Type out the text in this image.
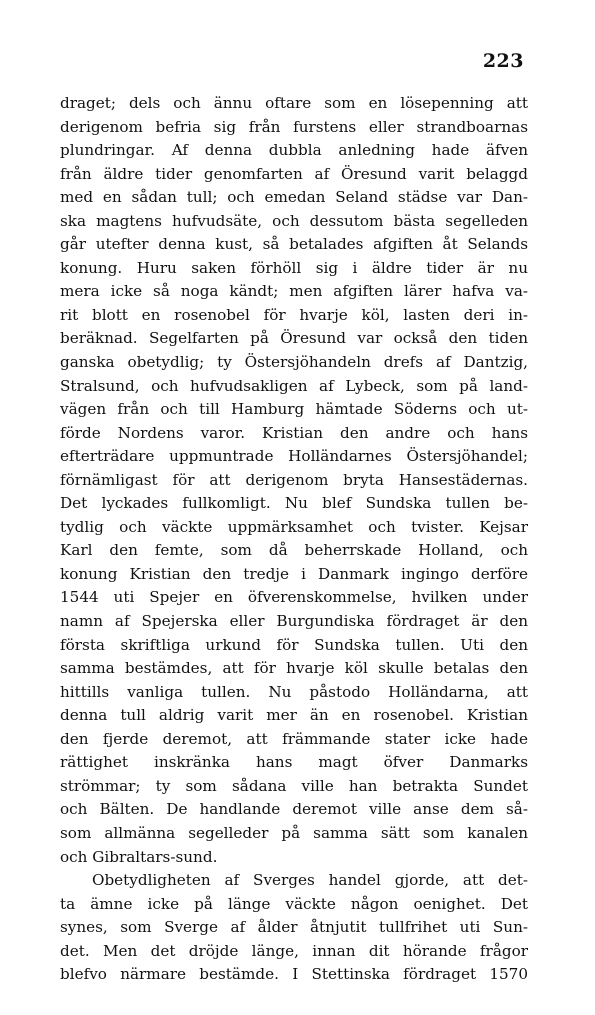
223
draget; dels och ännu oftare som en lösepenning att
derigenom befria sig från furstens eller strandboarnas
plundringar. Af denna dubbla anledning hade äfven
från äldre tider genomfarten af Öresund varit belaggd
med en sådan tull; och emedan Seland städse var Dan-
ska magtens hufvudsäte, och dessutom bästa segelleden
går utefter denna kust, så betalades afgiften åt Selands
konung. Huru saken förhöll sig i äldre tider är nu
mera icke så noga kändt; men afgiften lärer hafva va-
rit blott en rosenobel för hvarje köl, lasten deri in-
beräknad. Segelfarten på Öresund var också den tiden
ganska obetydlig; ty Östersjöhandeln drefs af Dantzig,
Stralsund, och hufvudsakligen af Lybeck, som på land-
vägen från och till Hamburg hämtade Söderns och ut-
förde Nordens varor. Kristian den andre och hans
efterträdare uppmuntrade Holländarnes Östersjöhandel;
förnämligast för att derigenom bryta Hansestädernas.
Det lyckades fullkomligt. Nu blef Sundska tullen be-
tydlig och väckte uppmärksamhet och tvister. Kejsar
Karl den femte, som då beherrskade Holland, och
konung Kristian den tredje i Danmark ingingo derföre
1544 uti Spejer en öfverenskommelse, hvilken under
namn af Spejerska eller Burgundiska fördraget är den
första skriftliga urkund för Sundska tullen. Uti den
samma bestämdes, att för hvarje köl skulle betalas den
hittills vanliga tullen. Nu påstodo Holländarna, att
denna tull aldrig varit mer än en rosenobel. Kristian
den fjerde deremot, att främmande stater icke hade
rättighet inskränka hans magt öfver Danmarks
strömmar; ty som sådana ville han betrakta Sundet
och Bälten. De handlande deremot ville anse dem så-
som allmänna segelleder på samma sätt som kanalen
och Gibraltars-sund.
Obetydligheten af Sverges handel gjorde, att det-
ta ämne icke på länge väckte någon oenighet. Det
synes, som Sverge af ålder åtnjutit tullfrihet uti Sun-
det. Men det dröjde länge, innan dit hörande frågor
blefvo närmare bestämde. I Stettinska fördraget 1570
